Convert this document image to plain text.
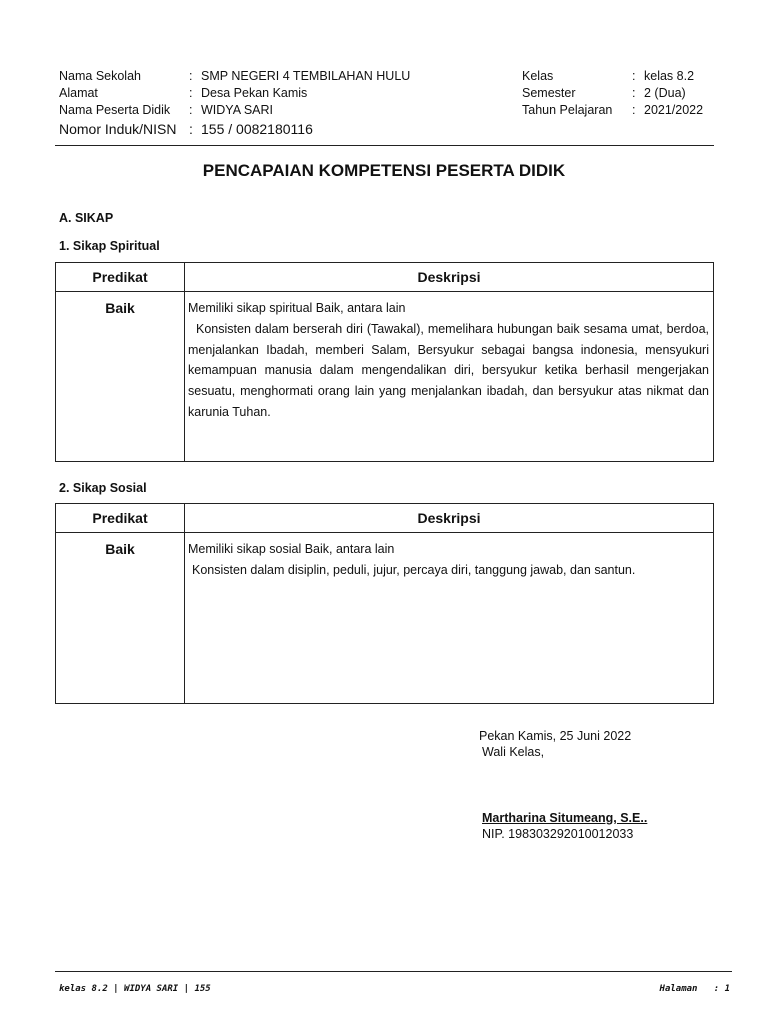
Nama Sekolah	: SMP NEGERI 4 TEMBILAHAN HULU
Alamat	: Desa Pekan Kamis
Nama Peserta Didik	: WIDYA SARI
Nomor Induk/NISN : 155 / 0082180116
Kelas	: kelas 8.2
Semester	: 2 (Dua)
Tahun Pelajaran	: 2021/2022
PENCAPAIAN KOMPETENSI PESERTA DIDIK
A. SIKAP
1. Sikap Spiritual
Predikat	Deskripsi
Baik	Memiliki sikap spiritual Baik, antara lain

Konsisten dalam berserah diri (Tawakal), memelihara hubungan baik sesama umat, berdoa, menjalankan Ibadah, memberi Salam, Bersyukur sebagai bangsa indonesia, mensyukuri kemampuan manusia dalam mengendalikan diri, bersyukur ketika berhasil mengerjakan sesuatu, menghormati orang lain yang menjalankan ibadah, dan bersyukur atas nikmat dan karunia Tuhan.

2. Sikap Sosial
Predikat	Deskripsi
Baik	Memiliki sikap sosial Baik, antara lain

Konsisten dalam disiplin, peduli, jujur, percaya diri, tanggung jawab, dan santun.

Pekan Kamis, 25 Juni 2022
Wali Kelas,
Martharina Situmeang, S.E..
NIP. 198303292010012033
kelas 8.2 | WIDYA SARI | 155	Halaman   : 1
